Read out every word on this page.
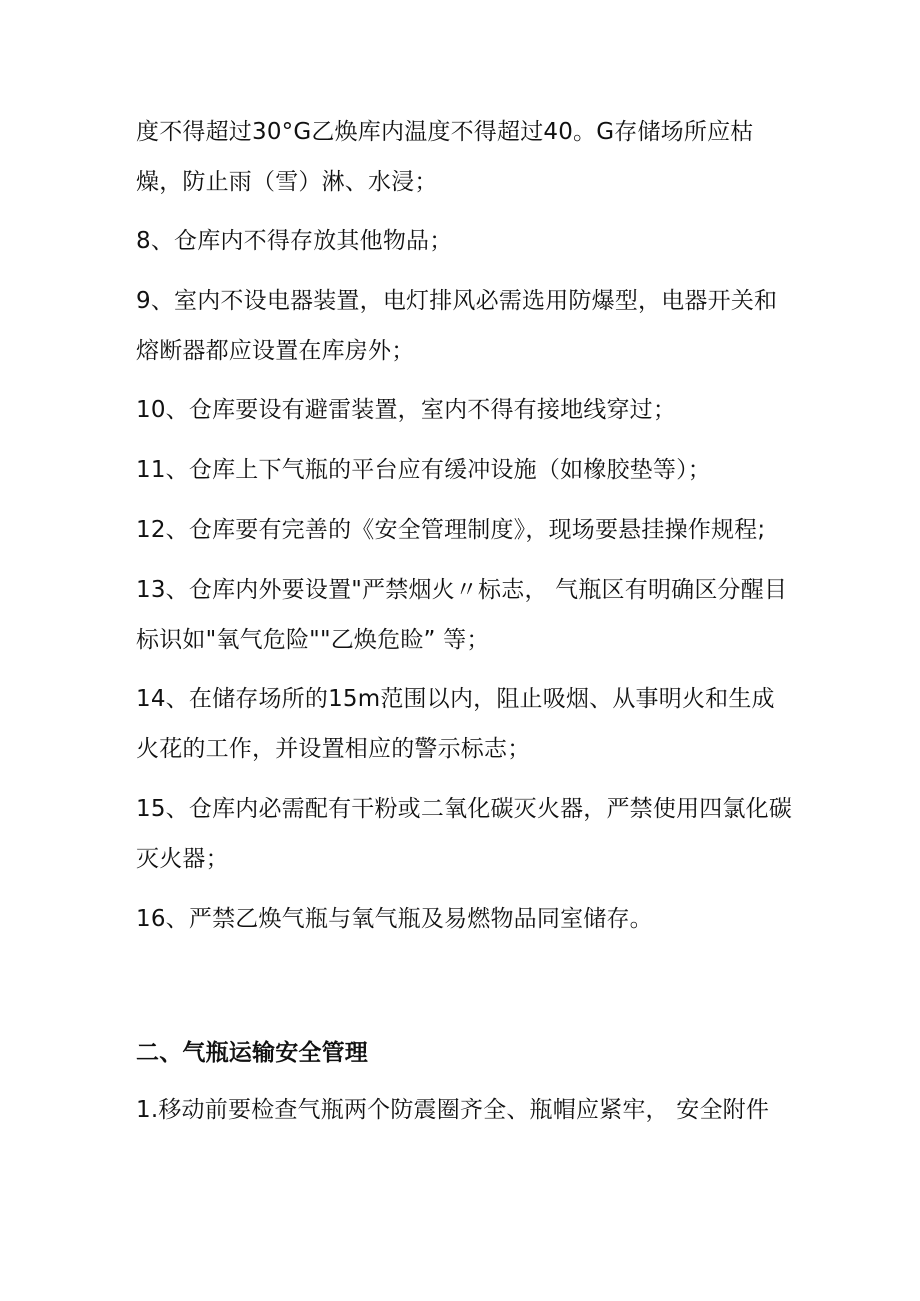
度不得超过30°G乙焕库内温度不得超过40。G存储场所应枯
燥，防止雨（雪）淋、水浸；
8、仓库内不得存放其他物品；
9、室内不设电器装置，电灯排风必需选用防爆型，电器开关和
熔断器都应设置在库房外；
10、仓库要设有避雷装置，室内不得有接地线穿过；
11、仓库上下气瓶的平台应有缓冲设施（如橡胶垫等）；
12、仓库要有完善的《安全管理制度》，现场要悬挂操作规程;
13、仓库内外要设置"严禁烟火〃标志， 气瓶区有明确区分醒目
标识如"氧气危险""乙焕危睑” 等；
14、在储存场所的15m范围以内，阻止吸烟、从事明火和生成
火花的工作，并设置相应的警示标志；
15、仓库内必需配有干粉或二氧化碳灭火器，严禁使用四氯化碳
灭火器；
16、严禁乙焕气瓶与氧气瓶及易燃物品同室储存。
二、气瓶运输安全管理
1.移动前要检查气瓶两个防震圈齐全、瓶帽应紧牢， 安全附件
